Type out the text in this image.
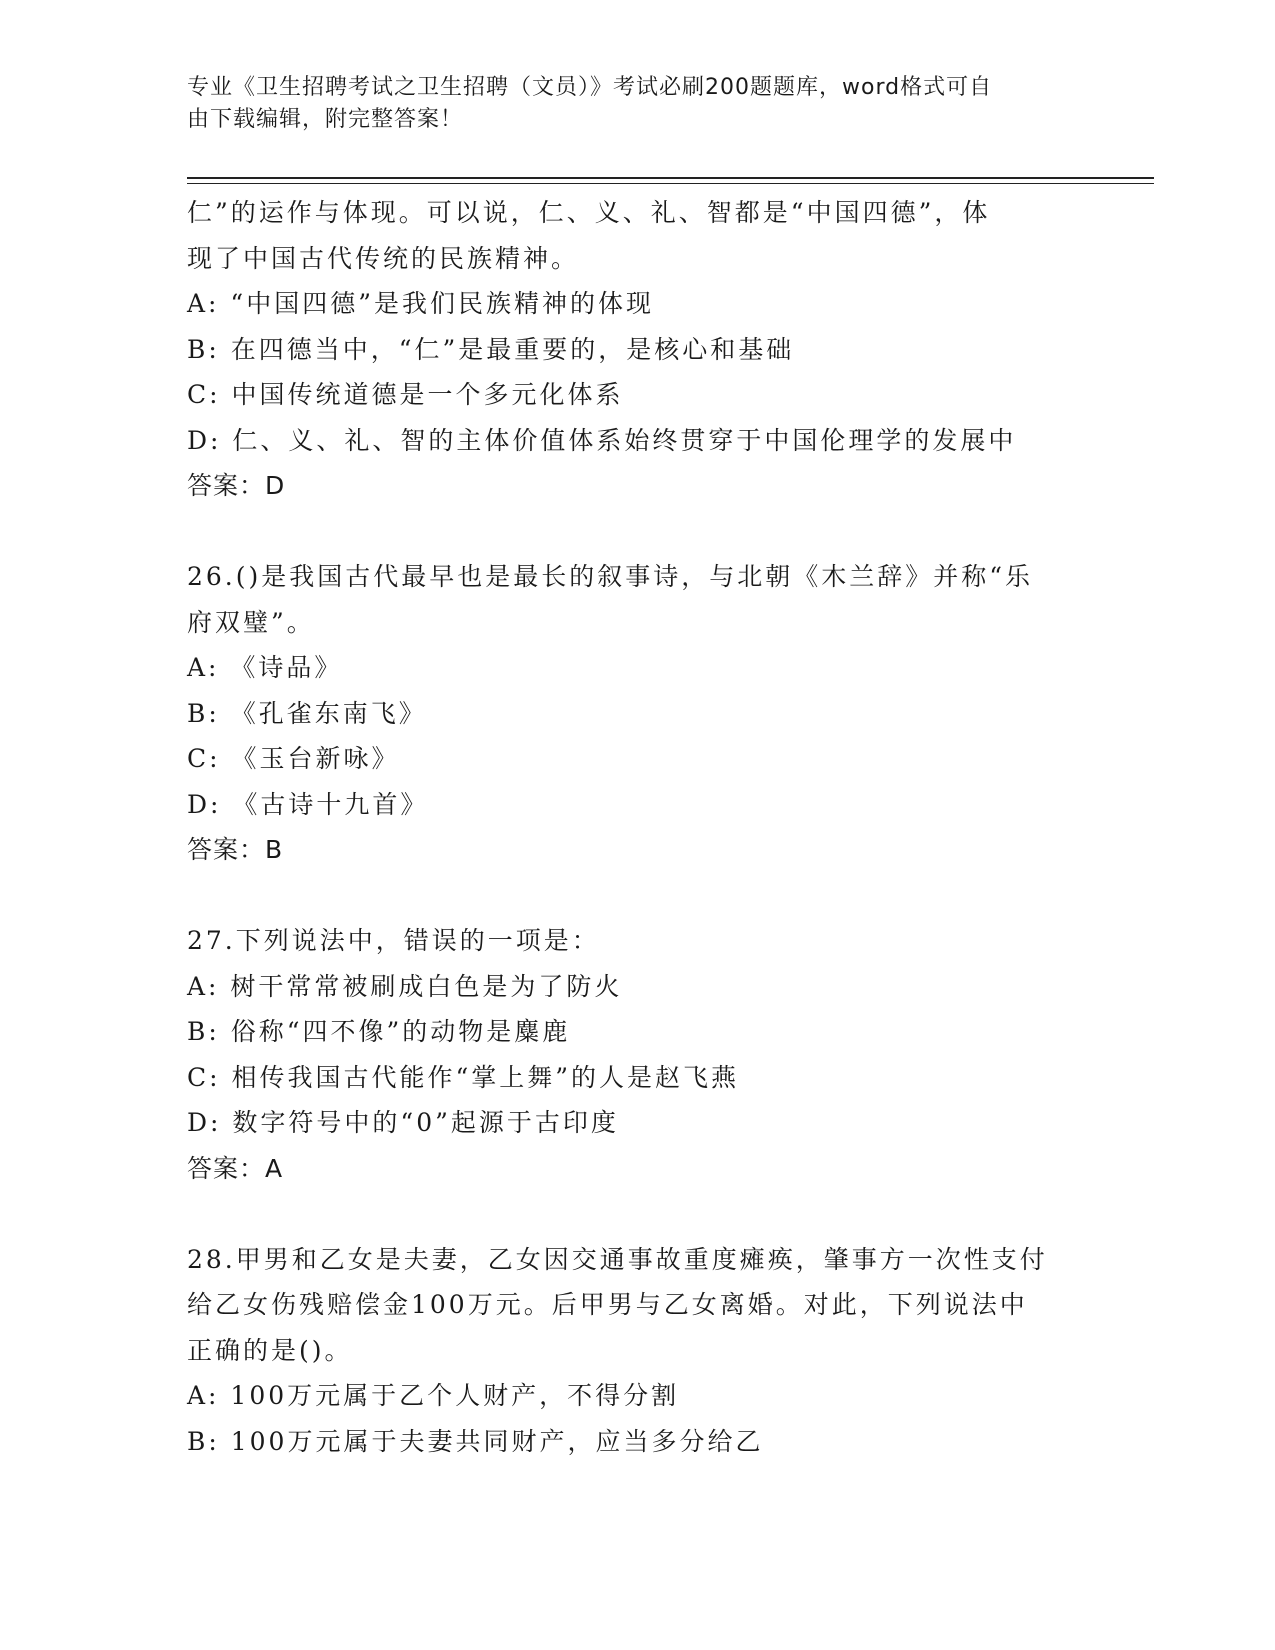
专业《卫生招聘考试之卫生招聘（文员）》考试必刷200题题库，word格式可自
由下载编辑，附完整答案！
仁”的运作与体现。可以说，仁、义、礼、智都是“中国四德”，体
现了中国古代传统的民族精神。
A: “中国四德”是我们民族精神的体现
B: 在四德当中，“仁”是最重要的，是核心和基础
C: 中国传统道德是一个多元化体系
D: 仁、义、礼、智的主体价值体系始终贯穿于中国伦理学的发展中
答案：D
26.()是我国古代最早也是最长的叙事诗，与北朝《木兰辞》并称“乐
府双璧”。
A: 《诗品》
B: 《孔雀东南飞》
C: 《玉台新咏》
D: 《古诗十九首》
答案：B
27.下列说法中，错误的一项是：
A: 树干常常被刷成白色是为了防火
B: 俗称“四不像”的动物是麋鹿
C: 相传我国古代能作“掌上舞”的人是赵飞燕
D: 数字符号中的“0”起源于古印度
答案：A
28.甲男和乙女是夫妻，乙女因交通事故重度瘫痪，肇事方一次性支付
给乙女伤残赔偿金100万元。后甲男与乙女离婚。对此，下列说法中
正确的是()。
A: 100万元属于乙个人财产，不得分割
B: 100万元属于夫妻共同财产，应当多分给乙
